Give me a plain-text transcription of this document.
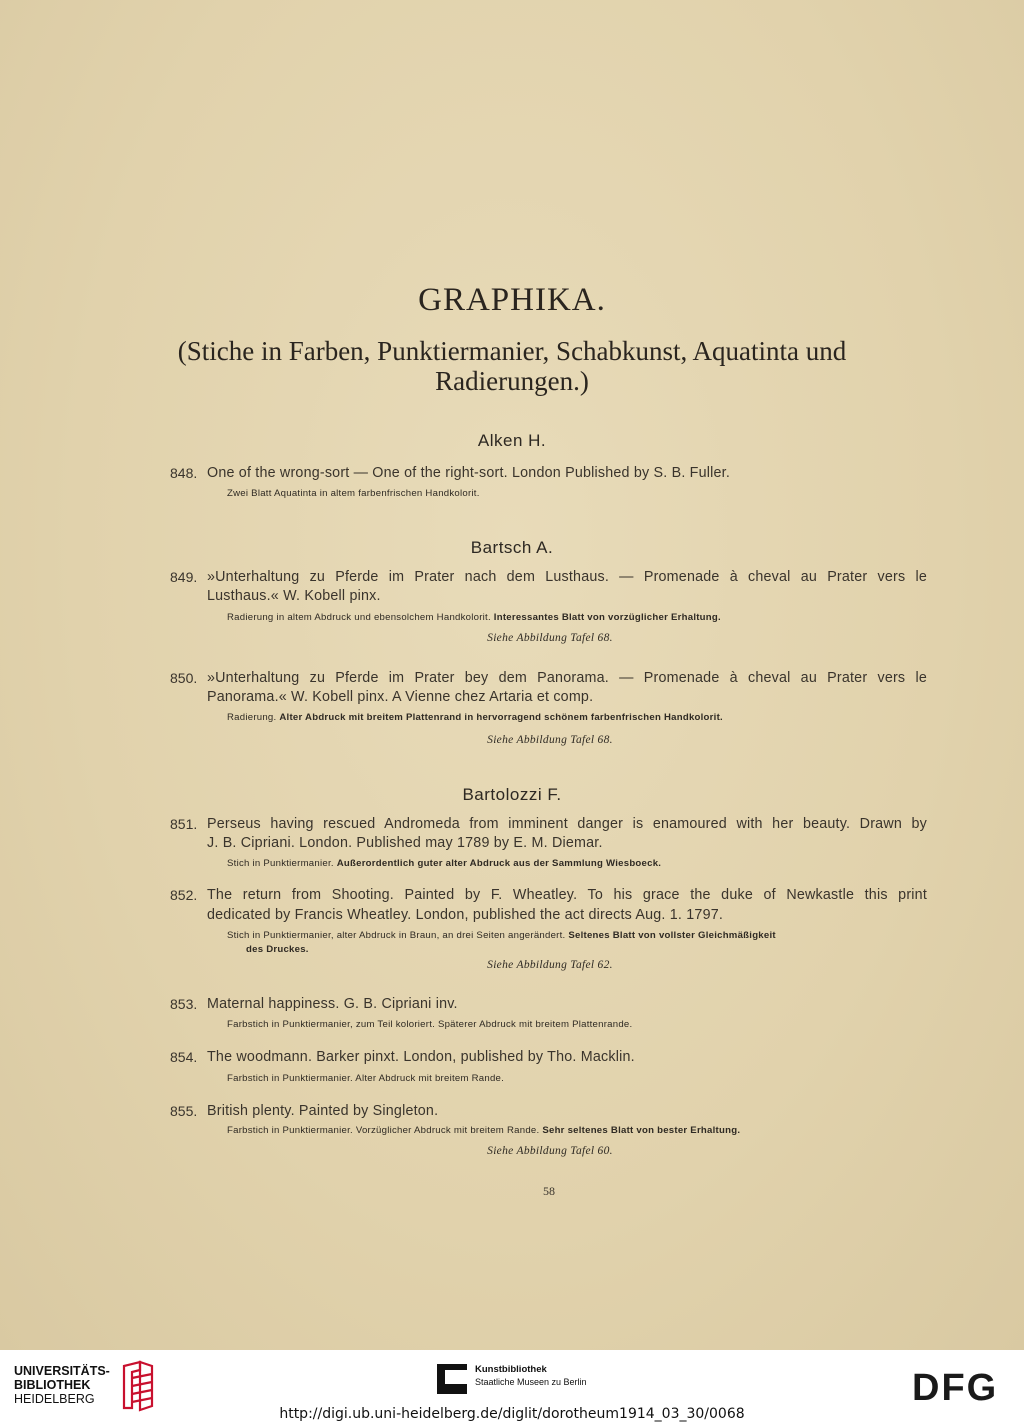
GRAPHIKA.
(Stiche in Farben, Punktiermanier, Schabkunst, Aquatinta und
Radierungen.)
Alken H.
848. One of the wrong-sort — One of the right-sort. London Published by S. B. Fuller.
Zwei Blatt Aquatinta in altem farbenfrischen Handkolorit.
Bartsch A.
849. »Unterhaltung zu Pferde im Prater nach dem Lusthaus. — Promenade à cheval au Prater vers le
Lusthaus.« W. Kobell pinx.
Radierung in altem Abdruck und ebensolchem Handkolorit. Interessantes Blatt von vorzüglicher Erhaltung.
Siehe Abbildung Tafel 68.
850. »Unterhaltung zu Pferde im Prater bey dem Panorama. — Promenade à cheval au Prater vers le
Panorama.« W. Kobell pinx. A Vienne chez Artaria et comp.
Radierung. Alter Abdruck mit breitem Plattenrand in hervorragend schönem farbenfrischen Handkolorit.
Siehe Abbildung Tafel 68.
Bartolozzi F.
851. Perseus having rescued Andromeda from imminent danger is enamoured with her beauty. Drawn by
J. B. Cipriani. London. Published may 1789 by E. M. Diemar.
Stich in Punktiermanier. Außerordentlich guter alter Abdruck aus der Sammlung Wiesboeck.
852. The return from Shooting. Painted by F. Wheatley. To his grace the duke of Newkastle this print
dedicated by Francis Wheatley. London, published the act directs Aug. 1. 1797.
Stich in Punktiermanier, alter Abdruck in Braun, an drei Seiten angerändert. Seltenes Blatt von vollster Gleichmäßigkeit
des Druckes.
Siehe Abbildung Tafel 62.
853. Maternal happiness. G. B. Cipriani inv.
Farbstich in Punktiermanier, zum Teil koloriert. Späterer Abdruck mit breitem Plattenrande.
854. The woodmann. Barker pinxt. London, published by Tho. Macklin.
Farbstich in Punktiermanier. Alter Abdruck mit breitem Rande.
855. British plenty. Painted by Singleton.
Farbstich in Punktiermanier. Vorzüglicher Abdruck mit breitem Rande. Sehr seltenes Blatt von bester Erhaltung.
Siehe Abbildung Tafel 60.
58
UNIVERSITÄTS-
BIBLIOTHEK
HEIDELBERG
Kunstbibliothek
Staatliche Museen zu Berlin	DFG
http://digi.ub.uni-heidelberg.de/diglit/dorotheum1914_03_30/0068
